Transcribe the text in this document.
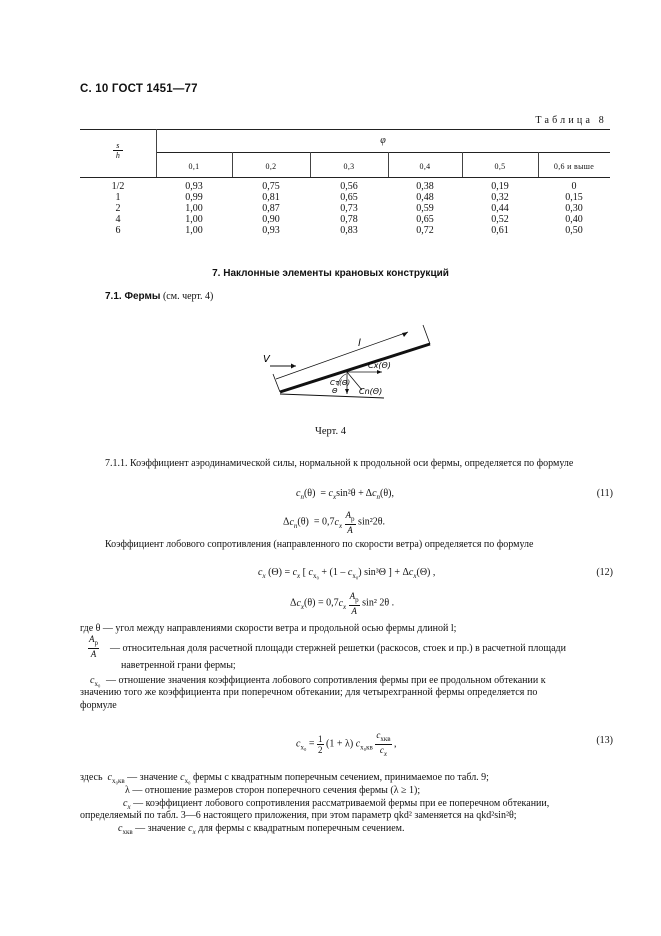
С. 10 ГОСТ 1451—77
Таблица 8
$\frac{s}{h}$
φ
0,1	0,2	0,3	0,4	0,5	0,6 и выше
1/2	0,93	0,75	0,56	0,38	0,19	0
1	0,99	0,81	0,65	0,48	0,32	0,15
2	1,00	0,87	0,73	0,59	0,44	0,30
4	1,00	0,90	0,78	0,65	0,52	0,40
6	1,00	0,93	0,83	0,72	0,61	0,50
7. Наклонные элементы крановых конструкций
7.1. Фермы (см. черт. 4)
V
l
Cx(Θ)
Cn(Θ)
Cτ(Θ)
Θ
Черт. 4
7.1.1. Коэффициент аэродинамической силы, нормальной к продольной оси фермы, определяется по формуле
$c_n(\theta) = c_x\sin^2\theta + \Delta c_n(\theta)$,	(11)
$\Delta c_n(\theta) = 0,7c_x \frac{A_р}{A} \sin^22\theta$.
Коэффициент лобового сопротивления (направленного по скорости ветра) определяется по формуле
$c_x$ $(\Theta) = c_x$ [ $c_{x_0} + (1 - c_{x_0})$ sin³Θ ] + $\Delta c_x(\Theta)$ ,	(12)
$\Delta c_x(\theta) = 0,7c_x \frac{A_р}{A} \sin^2$ 2θ .
где θ — угол между направлениями скорости ветра и продольной осью фермы длиной l;
$\frac{A_р}{A}$ — относительная доля расчетной площади стержней решетки (раскосов, стоек и пр.) в расчетной площади
наветренной грани фермы;
$c_{x_0}$ — отношение значения коэффициента лобового сопротивления фермы при ее продольном обтекании к
значению того же коэффициента при поперечном обтекании; для четырехгранной фермы определяется по
формуле
$c_{x_0} = \frac{1}{2} (1 + \lambda)$ $c_{x_0кв} \frac{c_{xкв}}{c_x}$ ,	(13)
здесь  $c_{x_0кв}$ — значение $c_{x_0}$ фермы с квадратным поперечным сечением, принимаемое по табл. 9;
λ — отношение размеров сторон поперечного сечения фермы (λ ≥ 1);
$c_x$ — коэффициент лобового сопротивления рассматриваемой фермы при ее поперечном обтекании,
определяемый по табл. 3—6 настоящего приложения, при этом параметр qkd² заменяется на qkd²sin²θ;
$c_{xкв}$ — значение $c_x$ для фермы с квадратным поперечным сечением.
